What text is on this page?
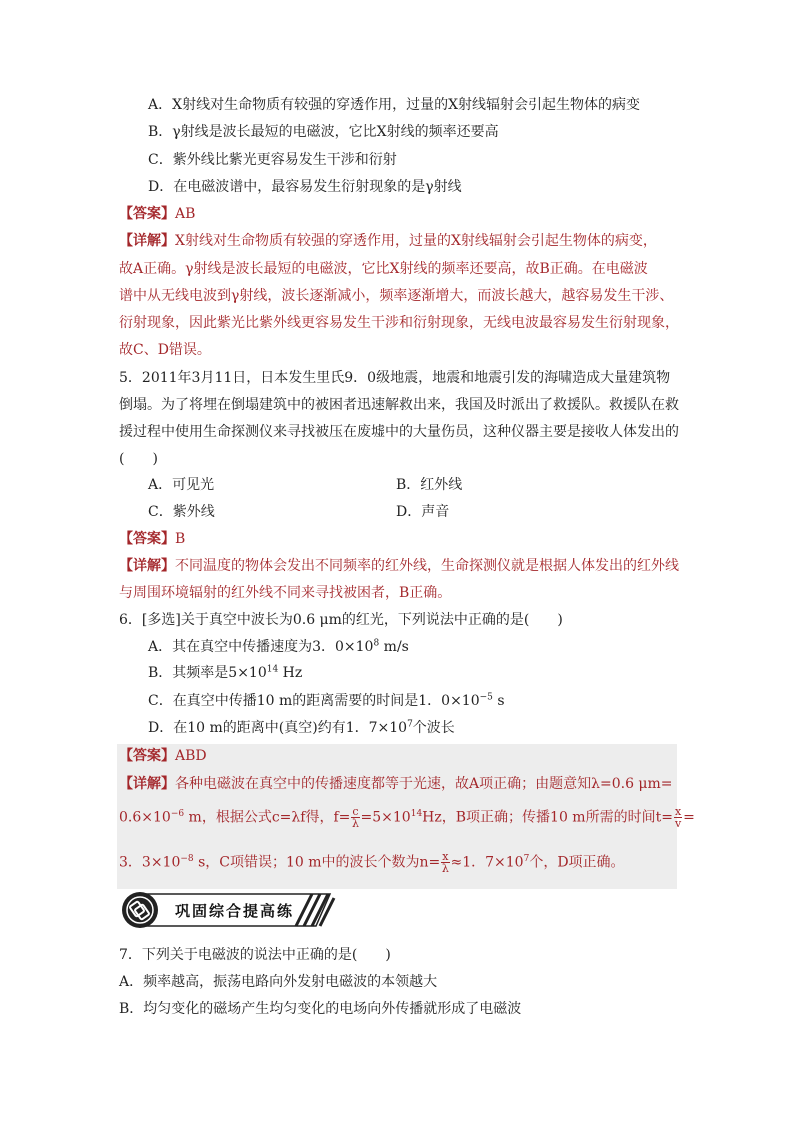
A．X射线对生命物质有较强的穿透作用，过量的X射线辐射会引起生物体的病变
B．γ射线是波长最短的电磁波，它比X射线的频率还要高
C．紫外线比紫光更容易发生干涉和衍射
D．在电磁波谱中，最容易发生衍射现象的是γ射线
【答案】AB
【详解】X射线对生命物质有较强的穿透作用，过量的X射线辐射会引起生物体的病变，
故A正确。γ射线是波长最短的电磁波，它比X射线的频率还要高，故B正确。在电磁波
谱中从无线电波到γ射线，波长逐渐减小，频率逐渐增大，而波长越大，越容易发生干涉、
衍射现象，因此紫光比紫外线更容易发生干涉和衍射现象，无线电波最容易发生衍射现象，
故C、D错误。
5．2011年3月11日，日本发生里氏9．0级地震，地震和地震引发的海啸造成大量建筑物
倒塌。为了将埋在倒塌建筑中的被困者迅速解救出来，我国及时派出了救援队。救援队在救
援过程中使用生命探测仪来寻找被压在废墟中的大量伤员，这种仪器主要是接收人体发出的
(　　)
A．可见光	B．红外线
C．紫外线	D．声音
【答案】B
【详解】不同温度的物体会发出不同频率的红外线，生命探测仪就是根据人体发出的红外线
与周围环境辐射的红外线不同来寻找被困者，B正确。
6．[多选]关于真空中波长为0.6 μm的红光，下列说法中正确的是(　　)
A．其在真空中传播速度为3．$0\times 10^8$ m/s
B．其频率是$5\times 10^{14}$ Hz
C．在真空中传播10 m的距离需要的时间是1．$0\times 10^{-5}$ s
D．在10 m的距离中(真空)约有1．$7\times 10^7$个波长
【答案】ABD
【详解】各种电磁波在真空中的传播速度都等于光速，故A项正确；由题意知λ=0.6 μm=
$0.6\times 10^{-6}$ m，根据公式c=λf得，$f= \frac{c}{\lambda} =5\times 10^{14}Hz$，B项正确；传播10 m所需的时间$t= \frac{x}{v}$ =
3．$3\times 10^{-8}$ s，C项错误；10 m中的波长个数为$n= \frac{x}{\lambda} \approx 1$．$7\times 10^7$个，D项正确。
巩固综合提高练
7．下列关于电磁波的说法中正确的是(　　)
A．频率越高，振荡电路向外发射电磁波的本领越大
B．均匀变化的磁场产生均匀变化的电场向外传播就形成了电磁波
